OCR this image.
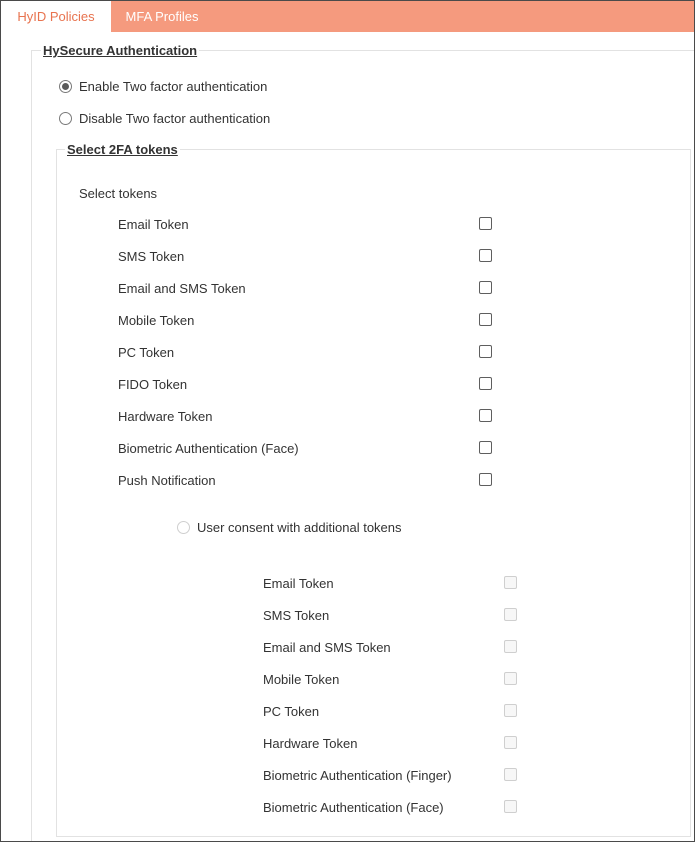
HyID Policies	MFA Profiles
HySecure Authentication
Enable Two factor authentication
Disable Two factor authentication
Select 2FA tokens
Select tokens
Email Token
SMS Token
Email and SMS Token
Mobile Token
PC Token
FIDO Token
Hardware Token
Biometric Authentication (Face)
Push Notification
User consent with additional tokens
Email Token
SMS Token
Email and SMS Token
Mobile Token
PC Token
Hardware Token
Biometric Authentication (Finger)
Biometric Authentication (Face)
